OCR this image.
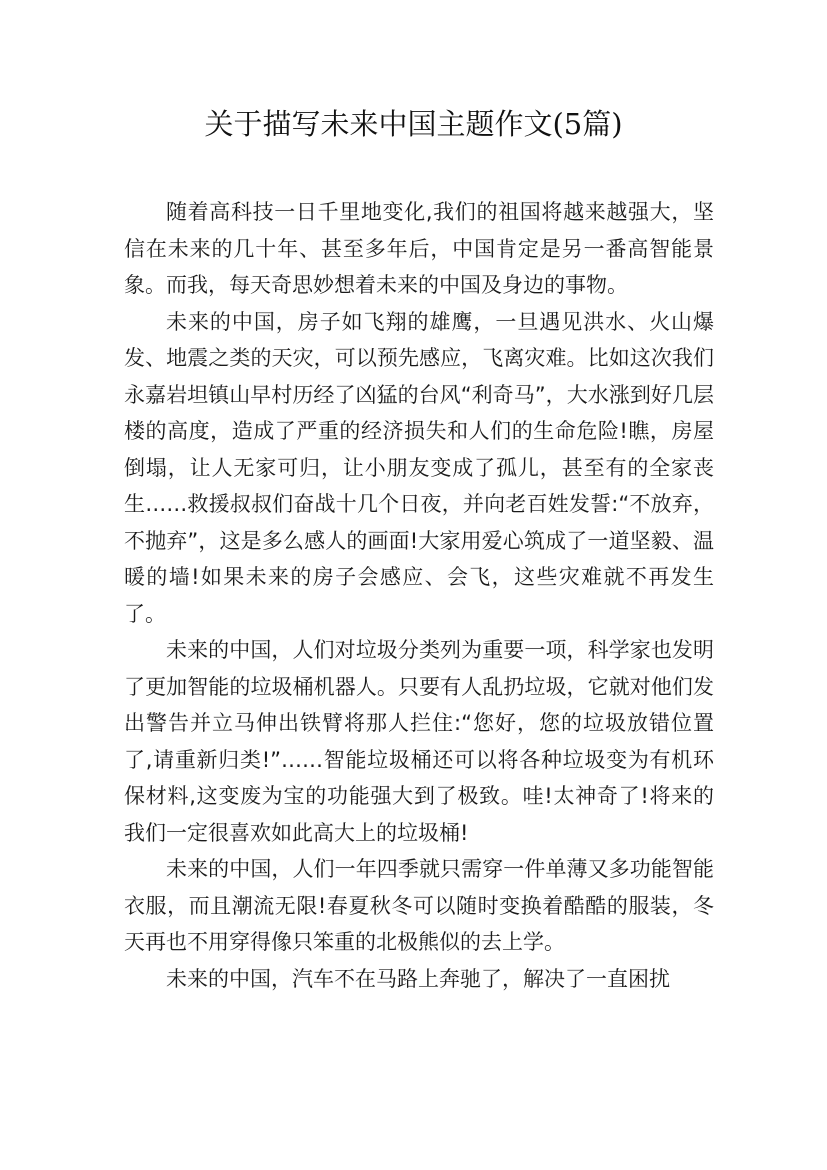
关于描写未来中国主题作文(5篇)

随着高科技一日千里地变化,我们的祖国将越来越强大，坚信在未来的几十年、甚至多年后，中国肯定是另一番高智能景象。而我，每天奇思妙想着未来的中国及身边的事物。

未来的中国，房子如飞翔的雄鹰，一旦遇见洪水、火山爆发、地震之类的天灾，可以预先感应，飞离灾难。比如这次我们永嘉岩坦镇山早村历经了凶猛的台风“利奇马”，大水涨到好几层楼的高度，造成了严重的经济损失和人们的生命危险!瞧，房屋倒塌，让人无家可归，让小朋友变成了孤儿，甚至有的全家丧生……救援叔叔们奋战十几个日夜，并向老百姓发誓:“不放弃，不抛弃”，这是多么感人的画面!大家用爱心筑成了一道坚毅、温暖的墙!如果未来的房子会感应、会飞，这些灾难就不再发生了。

未来的中国，人们对垃圾分类列为重要一项，科学家也发明了更加智能的垃圾桶机器人。只要有人乱扔垃圾，它就对他们发出警告并立马伸出铁臂将那人拦住:“您好，您的垃圾放错位置了,请重新归类!”……智能垃圾桶还可以将各种垃圾变为有机环保材料,这变废为宝的功能强大到了极致。哇!太神奇了!将来的我们一定很喜欢如此高大上的垃圾桶!

未来的中国，人们一年四季就只需穿一件单薄又多功能智能衣服，而且潮流无限!春夏秋冬可以随时变换着酷酷的服装，冬天再也不用穿得像只笨重的北极熊似的去上学。

未来的中国，汽车不在马路上奔驰了，解决了一直困扰
